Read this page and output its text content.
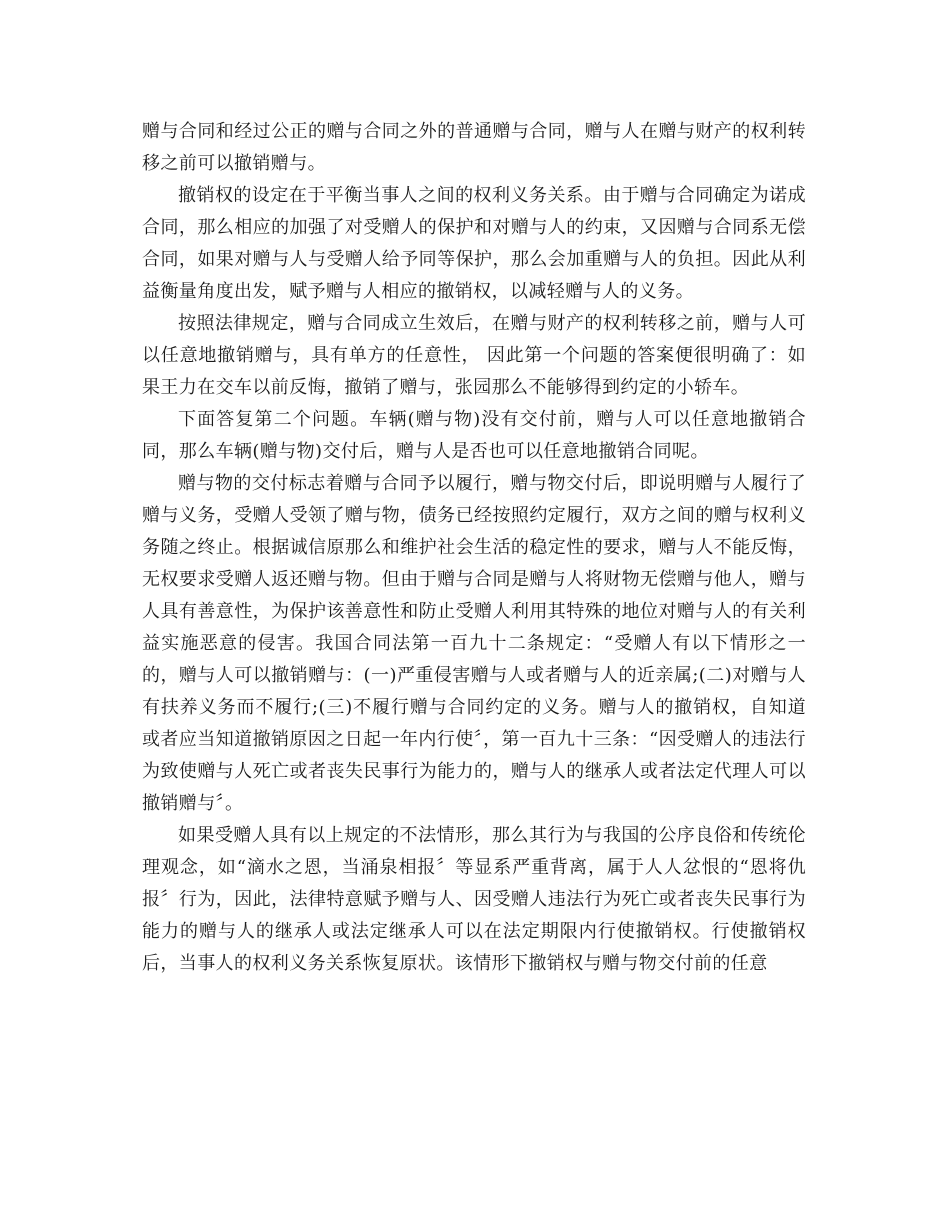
赠与合同和经过公正的赠与合同之外的普通赠与合同，赠与人在赠与财产的权利转移之前可以撤销赠与。

撤销权的设定在于平衡当事人之间的权利义务关系。由于赠与合同确定为诺成合同，那么相应的加强了对受赠人的保护和对赠与人的约束，又因赠与合同系无偿合同，如果对赠与人与受赠人给予同等保护，那么会加重赠与人的负担。因此从利益衡量角度出发，赋予赠与人相应的撤销权，以减轻赠与人的义务。

按照法律规定，赠与合同成立生效后，在赠与财产的权利转移之前，赠与人可以任意地撤销赠与，具有单方的任意性， 因此第一个问题的答案便很明确了：如果王力在交车以前反悔，撤销了赠与，张园那么不能够得到约定的小轿车。

下面答复第二个问题。车辆(赠与物)没有交付前，赠与人可以任意地撤销合同，那么车辆(赠与物)交付后，赠与人是否也可以任意地撤销合同呢。

赠与物的交付标志着赠与合同予以履行，赠与物交付后，即说明赠与人履行了赠与义务，受赠人受领了赠与物，债务已经按照约定履行，双方之间的赠与权利义务随之终止。根据诚信原那么和维护社会生活的稳定性的要求，赠与人不能反悔，无权要求受赠人返还赠与物。但由于赠与合同是赠与人将财物无偿赠与他人，赠与人具有善意性，为保护该善意性和防止受赠人利用其特殊的地位对赠与人的有关利益实施恶意的侵害。我国合同法第一百九十二条规定：“受赠人有以下情形之一的，赠与人可以撤销赠与：(一)严重侵害赠与人或者赠与人的近亲属;(二)对赠与人有扶养义务而不履行;(三)不履行赠与合同约定的义务。赠与人的撤销权，自知道或者应当知道撤销原因之日起一年内行使〞，第一百九十三条：“因受赠人的违法行为致使赠与人死亡或者丧失民事行为能力的，赠与人的继承人或者法定代理人可以撤销赠与〞。

如果受赠人具有以上规定的不法情形，那么其行为与我国的公序良俗和传统伦理观念，如“滴水之恩，当涌泉相报〞等显系严重背离，属于人人忿恨的“恩将仇报〞行为，因此，法律特意赋予赠与人、因受赠人违法行为死亡或者丧失民事行为能力的赠与人的继承人或法定继承人可以在法定期限内行使撤销权。行使撤销权后，当事人的权利义务关系恢复原状。该情形下撤销权与赠与物交付前的任意
